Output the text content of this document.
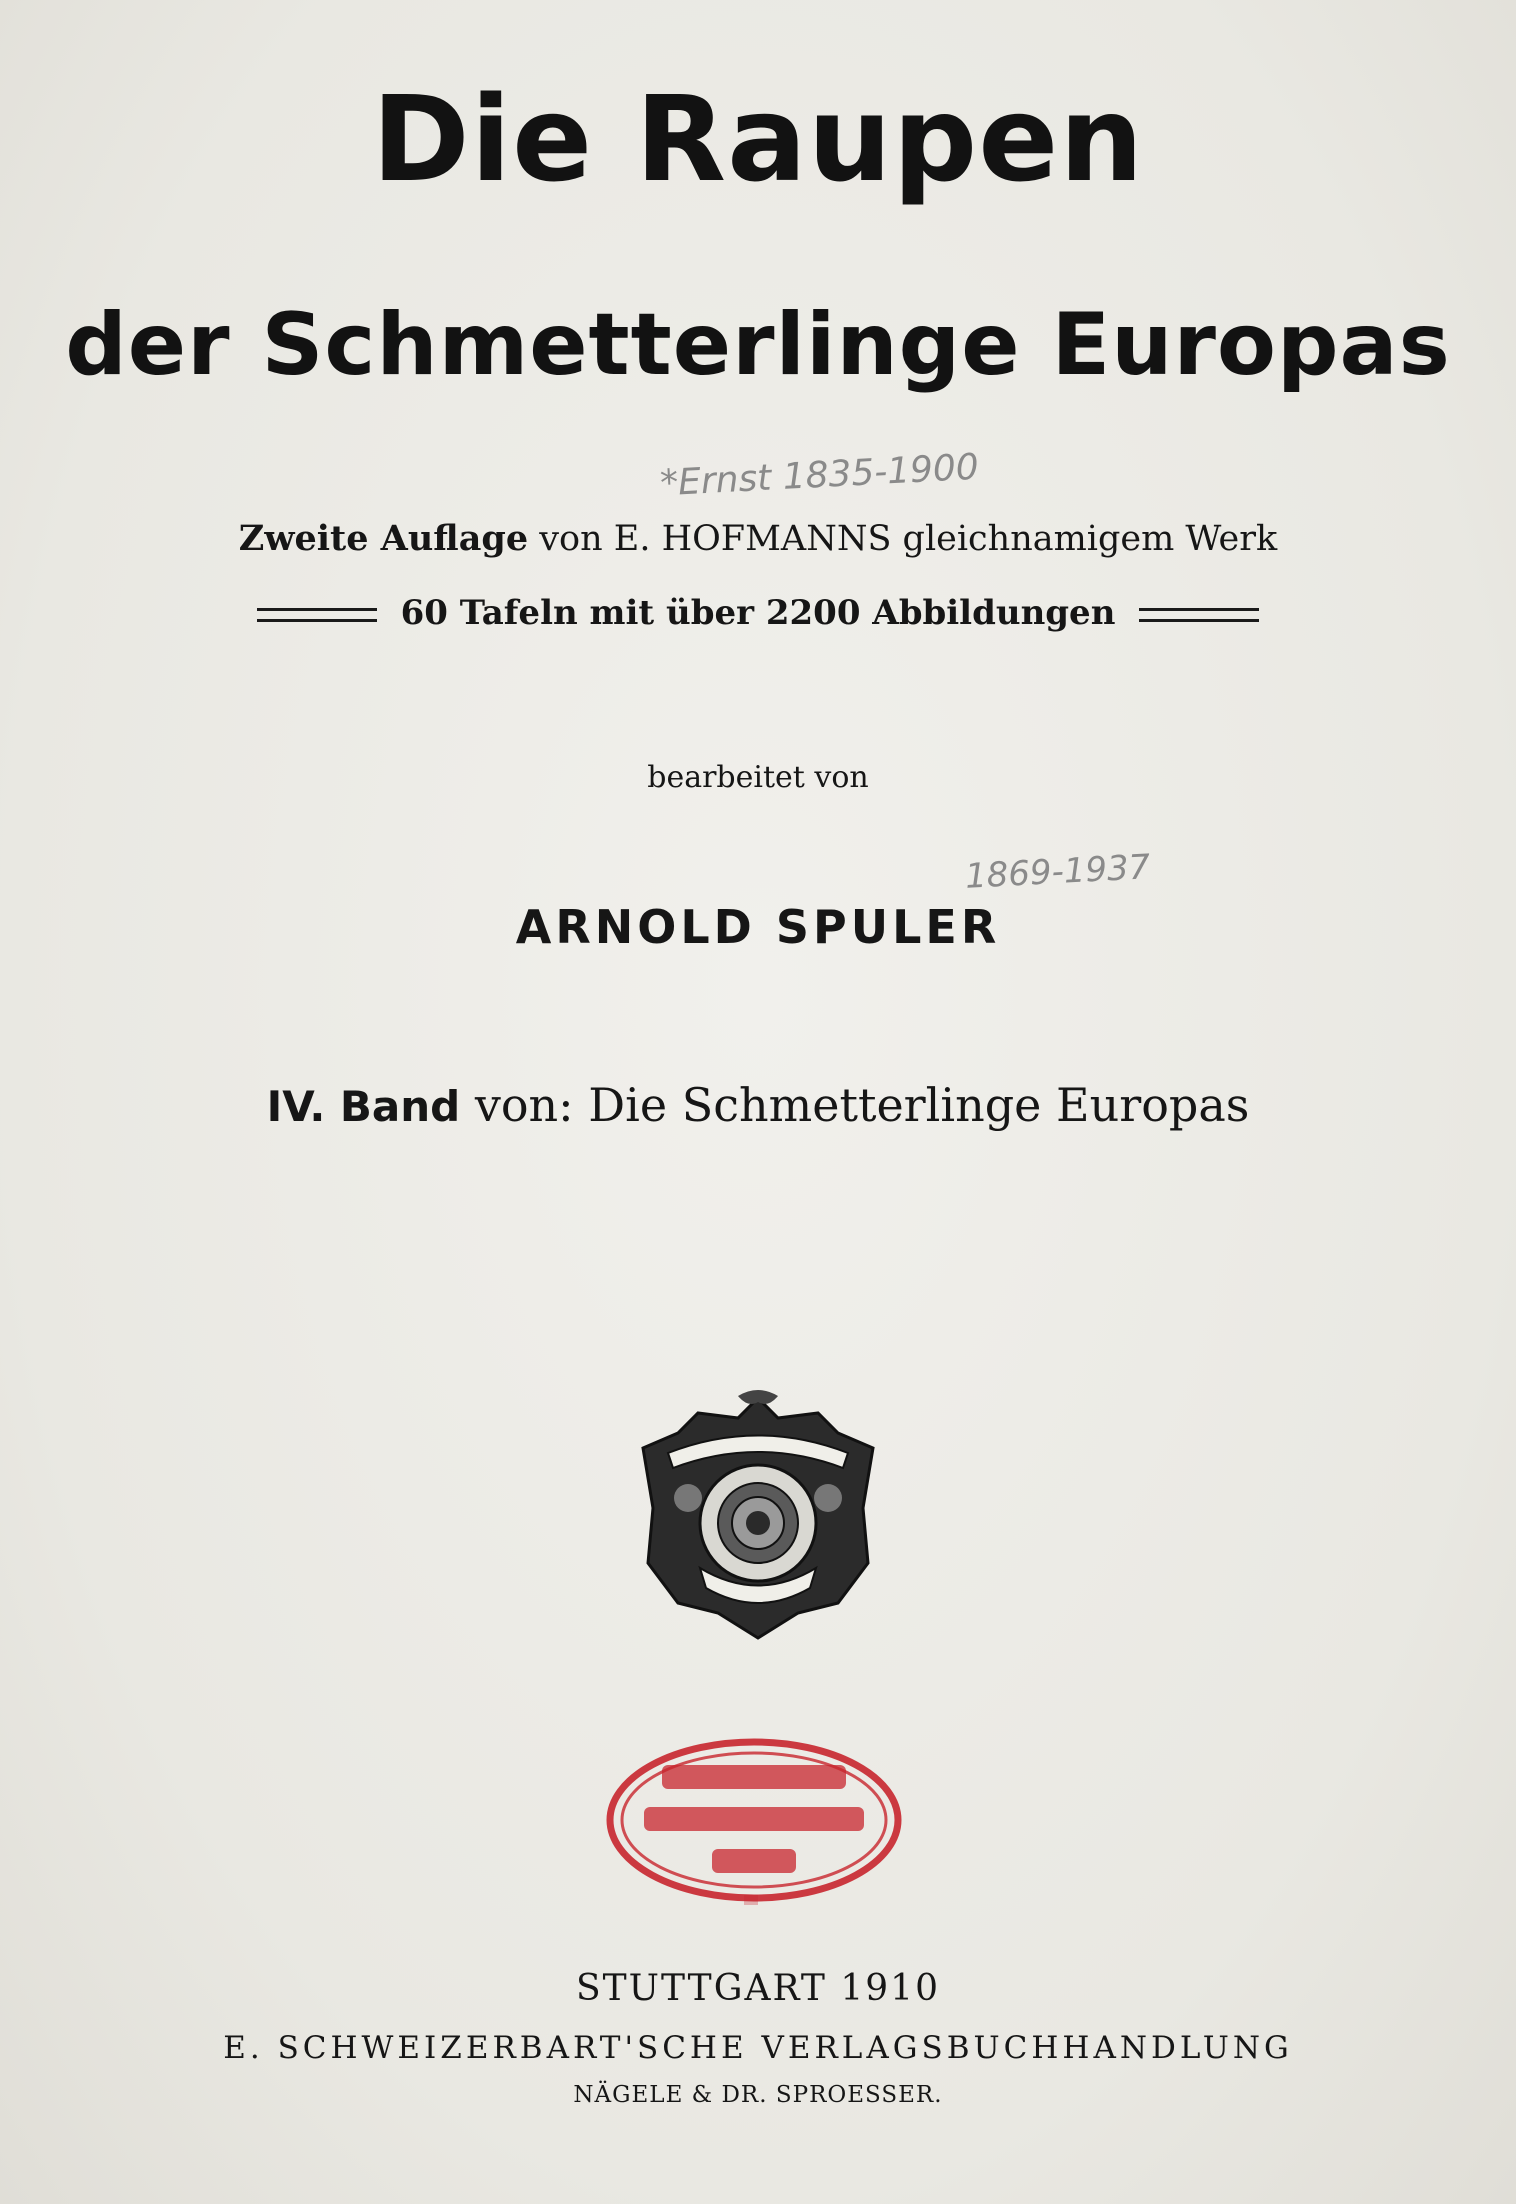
Die Raupen
der Schmetterlinge Europas
*Ernst 1835-1900
Zweite Auflage von E. HOFMANNS gleichnamigem Werk
60 Tafeln mit über 2200 Abbildungen
bearbeitet von
1869-1937
ARNOLD SPULER
IV. Band von: Die Schmetterlinge Europas
STUTTGART 1910
E. SCHWEIZERBART'SCHE VERLAGSBUCHHANDLUNG
NÄGELE & DR. SPROESSER.
